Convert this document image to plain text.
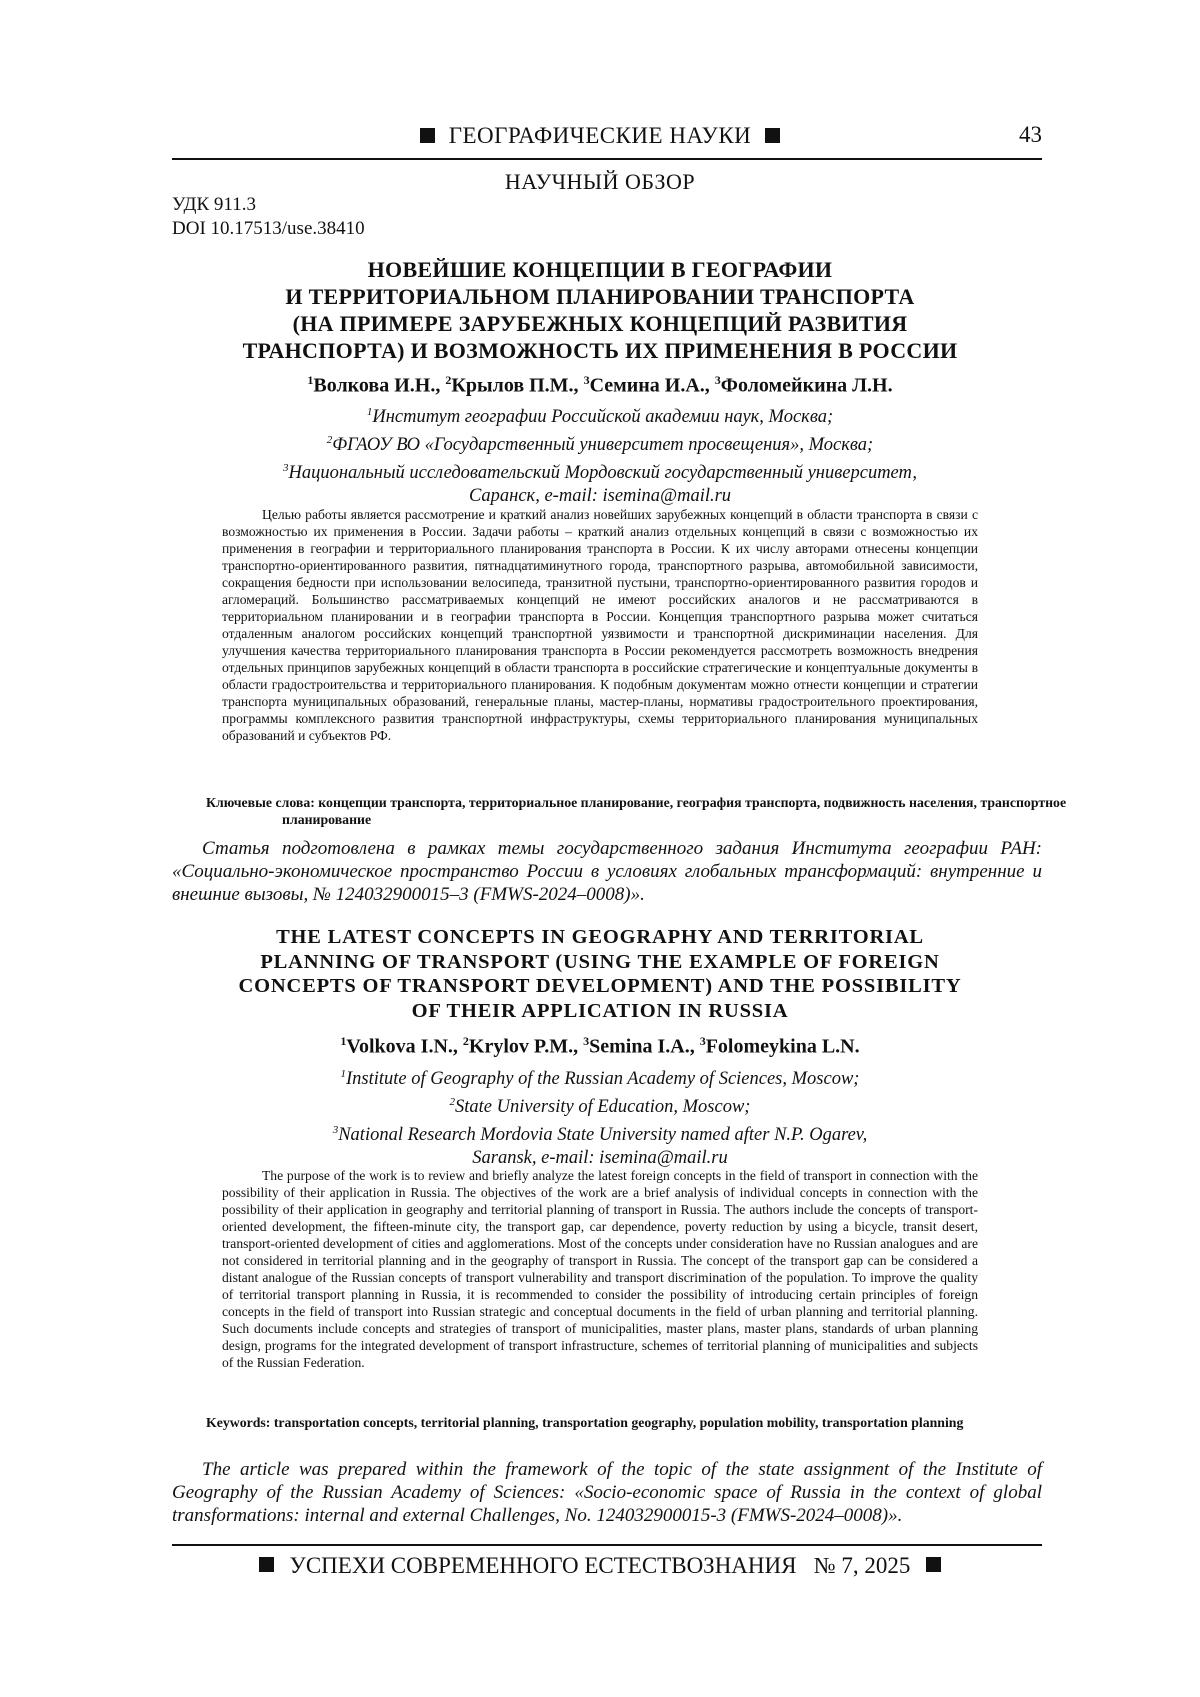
ГЕОГРАФИЧЕСКИЕ НАУКИ	43
НАУЧНЫЙ ОБЗОР
УДК 911.3
DOI 10.17513/use.38410
НОВЕЙШИЕ КОНЦЕПЦИИ В ГЕОГРАФИИ
И ТЕРРИТОРИАЛЬНОМ ПЛАНИРОВАНИИ ТРАНСПОРТА
(НА ПРИМЕРЕ ЗАРУБЕЖНЫХ КОНЦЕПЦИЙ РАЗВИТИЯ
ТРАНСПОРТА) И ВОЗМОЖНОСТЬ ИХ ПРИМЕНЕНИЯ В РОССИИ
1Волкова И.Н., 2Крылов П.М., 3Семина И.А., 3Фоломейкина Л.Н.
1Институт географии Российской академии наук, Москва;
2ФГАОУ ВО «Государственный университет просвещения», Москва;
3Национальный исследовательский Мордовский государственный университет,
Саранск, e-mail: isemina@mail.ru
Целью работы является рассмотрение и краткий анализ новейших зарубежных концепций в области транспорта в связи с возможностью их применения в России. Задачи работы – краткий анализ отдельных концепций в связи с возможностью их применения в географии и территориального планирования транспорта в России. К их числу авторами отнесены концепции транспортно-ориентированного развития, пятнадцатиминутного города, транспортного разрыва, автомобильной зависимости, сокращения бедности при использовании велосипеда, транзитной пустыни, транспортно-ориентированного развития городов и агломераций. Большинство рассматриваемых концепций не имеют российских аналогов и не рассматриваются в территориальном планировании и в географии транспорта в России. Концепция транспортного разрыва может считаться отдаленным аналогом российских концепций транспортной уязвимости и транспортной дискриминации населения. Для улучшения качества территориального планирования транспорта в России рекомендуется рассмотреть возможность внедрения отдельных принципов зарубежных концепций в области транспорта в российские стратегические и концептуальные документы в области градостроительства и территориального планирования. К подобным документам можно отнести концепции и стратегии транспорта муниципальных образований, генеральные планы, мастер-планы, нормативы градостроительного проектирования, программы комплексного развития транспортной инфраструктуры, схемы территориального планирования муниципальных образований и субъектов РФ.
Ключевые слова: концепции транспорта, территориальное планирование, география транспорта, подвижность населения, транспортное планирование
Статья подготовлена в рамках темы государственного задания Института географии РАН: «Социально-экономическое пространство России в условиях глобальных трансформаций: внутренние и внешние вызовы, № 124032900015–3 (FMWS-2024–0008)».
THE LATEST CONCEPTS IN GEOGRAPHY AND TERRITORIAL
PLANNING OF TRANSPORT (USING THE EXAMPLE OF FOREIGN
CONCEPTS OF TRANSPORT DEVELOPMENT) AND THE POSSIBILITY
OF THEIR APPLICATION IN RUSSIA
1Volkova I.N., 2Krylov P.M., 3Semina I.A., 3Folomeykina L.N.
1Institute of Geography of the Russian Academy of Sciences, Moscow;
2State University of Education, Moscow;
3National Research Mordovia State University named after N.P. Ogarev,
Saransk, e-mail: isemina@mail.ru
The purpose of the work is to review and briefly analyze the latest foreign concepts in the field of transport in connection with the possibility of their application in Russia. The objectives of the work are a brief analysis of individual concepts in connection with the possibility of their application in geography and territorial planning of transport in Russia. The authors include the concepts of transport-oriented development, the fifteen-minute city, the transport gap, car dependence, poverty reduction by using a bicycle, transit desert, transport-oriented development of cities and agglomerations. Most of the concepts under consideration have no Russian analogues and are not considered in territorial planning and in the geography of transport in Russia. The concept of the transport gap can be considered a distant analogue of the Russian concepts of transport vulnerability and transport discrimination of the population. To improve the quality of territorial transport planning in Russia, it is recommended to consider the possibility of introducing certain principles of foreign concepts in the field of transport into Russian strategic and conceptual documents in the field of urban planning and territorial planning. Such documents include concepts and strategies of transport of municipalities, master plans, master plans, standards of urban planning design, programs for the integrated development of transport infrastructure, schemes of territorial planning of municipalities and subjects of the Russian Federation.
Keywords: transportation concepts, territorial planning, transportation geography, population mobility, transportation planning
The article was prepared within the framework of the topic of the state assignment of the Institute of Geography of the Russian Academy of Sciences: «Socio-economic space of Russia in the context of global transformations: internal and external Challenges, No. 124032900015-3 (FMWS-2024–0008)».
УСПЕХИ СОВРЕМЕННОГО ЕСТЕСТВОЗНАНИЯ № 7, 2025
